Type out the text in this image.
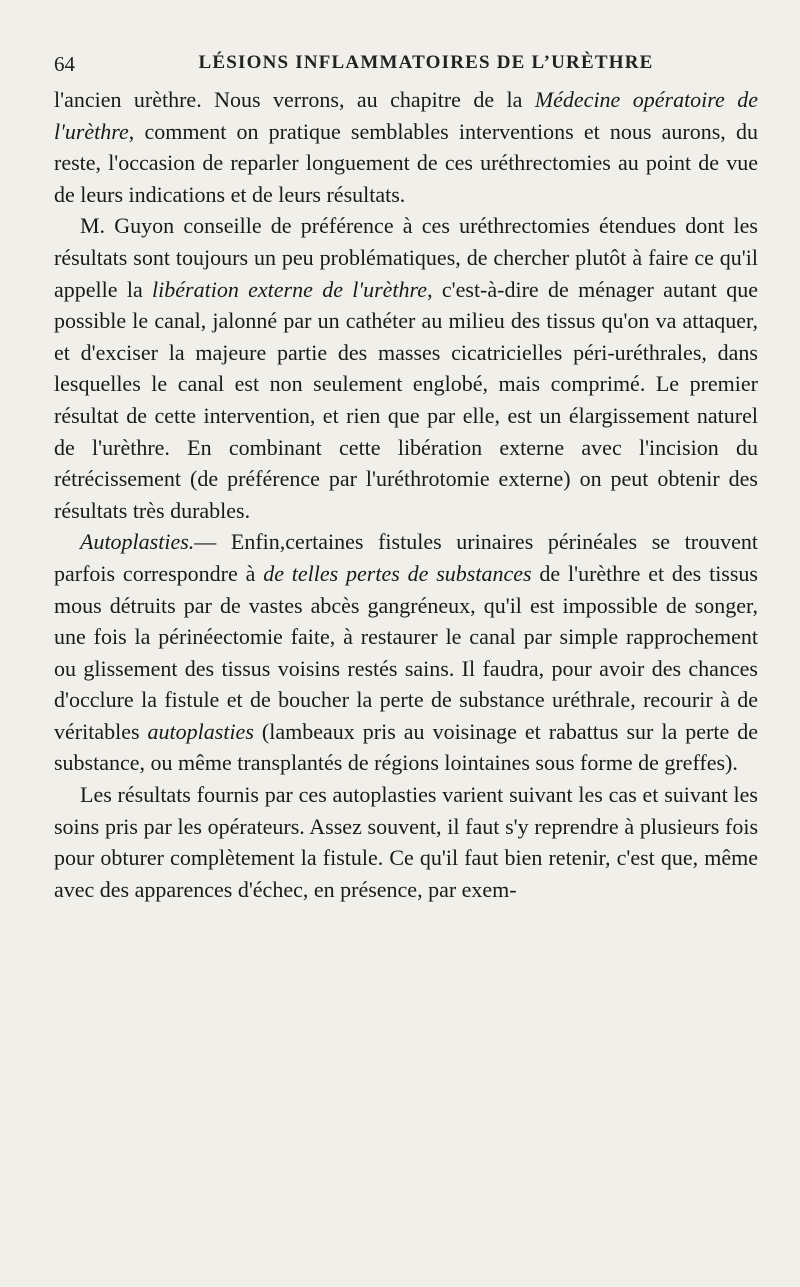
64	LÉSIONS INFLAMMATOIRES DE L’URÈTHRE

l'ancien urèthre. Nous verrons, au chapitre de la Médecine opératoire de l'urèthre, comment on pratique semblables interventions et nous aurons, du reste, l'occasion de reparler longuement de ces uréthrectomies au point de vue de leurs indications et de leurs résultats.

M. Guyon conseille de préférence à ces uréthrectomies étendues dont les résultats sont toujours un peu problématiques, de chercher plutôt à faire ce qu'il appelle la libération externe de l'urèthre, c'est-à-dire de ménager autant que possible le canal, jalonné par un cathéter au milieu des tissus qu'on va attaquer, et d'exciser la majeure partie des masses cicatricielles péri-uréthrales, dans lesquelles le canal est non seulement englobé, mais comprimé. Le premier résultat de cette intervention, et rien que par elle, est un élargissement naturel de l'urèthre. En combinant cette libération externe avec l'incision du rétrécissement (de préférence par l'uréthrotomie externe) on peut obtenir des résultats très durables.

Autoplasties.— Enfin,certaines fistules urinaires périnéales se trouvent parfois correspondre à de telles pertes de substances de l'urèthre et des tissus mous détruits par de vastes abcès gangréneux, qu'il est impossible de songer, une fois la périnéectomie faite, à restaurer le canal par simple rapprochement ou glissement des tissus voisins restés sains. Il faudra, pour avoir des chances d'occlure la fistule et de boucher la perte de substance uréthrale, recourir à de véritables autoplasties (lambeaux pris au voisinage et rabattus sur la perte de substance, ou même transplantés de régions lointaines sous forme de greffes).

Les résultats fournis par ces autoplasties varient suivant les cas et suivant les soins pris par les opérateurs. Assez souvent, il faut s'y reprendre à plusieurs fois pour obturer complètement la fistule. Ce qu'il faut bien retenir, c'est que, même avec des apparences d'échec, en présence, par exem-
